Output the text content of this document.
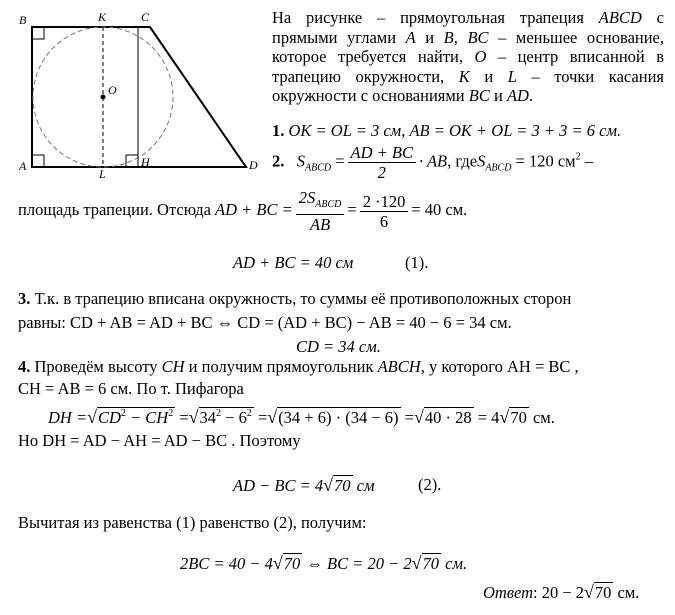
B	K	C
O
A
L
H	D
На рисунке – прямоугольная трапеция ABCD с прямыми углами A и B, BC – меньшее основание, которое требуется найти, O – центр вписанной в трапецию окружности, K и L – точки касания окружности с основаниями BC и AD.
1. OK = OL = 3 см, AB = OK + OL = 3 + 3 = 6 см.
2. $S_{ABCD} = \frac{AD + BC}{2}$ · AB, гдеS$_{ABCD}$ = 120 $см^2$ –
площадь трапеции. Отсюда AD + BC = $\frac{2S_{ABCD}}{AB} = \frac{2 \cdot 120}{6} = 40$ см.
AD + BC = 40 см	(1).
3. Т.к. в трапецию вписана окружность, то суммы её противоположных сторон
равны: CD + AB = AD + BC ⇔ CD = (AD + BC) − AB = 40 − 6 = 34 см.
CD = 34 см.
4. Проведём высоту CH и получим прямоугольник ABCH, у которого AH = BC ,
CH = AB = 6 см. По т. Пифагора
DH $=√CD^2 - CH^2 =√34^2 - 6^2 =√(34 + 6) \cdot (34 - 6) =√40 \cdot 28 = 4√70$ см.
Но DH = AD − AH = AD − BC . Поэтому
AD − BC = 4√70 см	(2).
Вычитая из равенства (1) равенство (2), получим:
2BC = 40 − 4√70 ⇔ BC = 20 − 2√70 см.
Ответ: 20 − 2√70 см.
